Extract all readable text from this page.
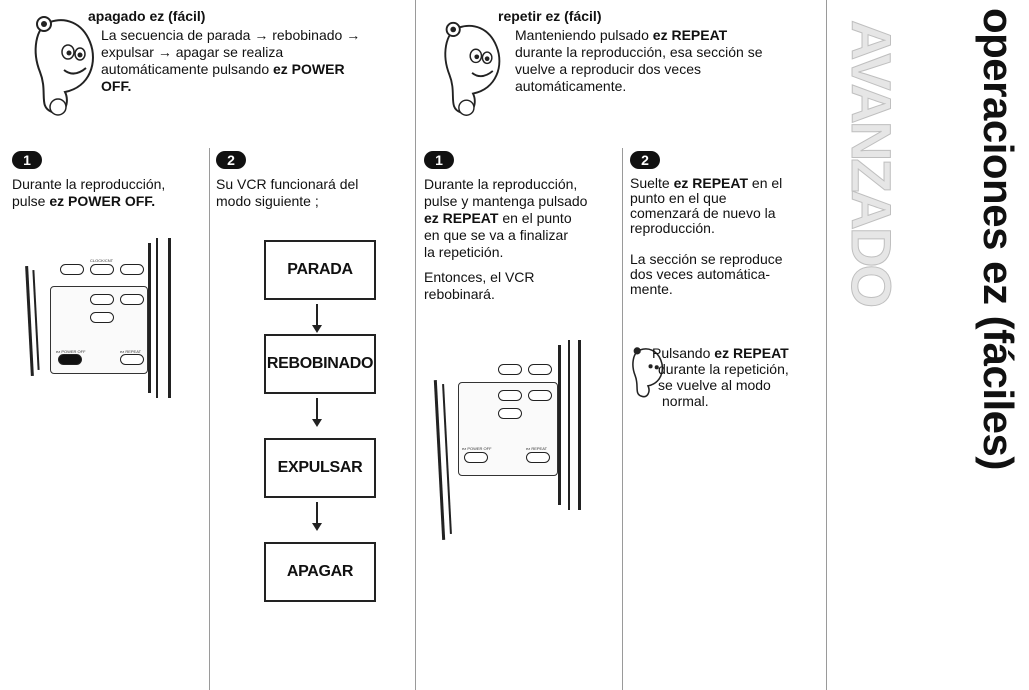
apagado ez (fácil)
La secuencia de parada → rebobinado →
expulsar → apagar se realiza
automáticamente pulsando ez POWER
OFF.
1
Durante la reproducción,
pulse ez POWER OFF.
CLOCK/CNT
ez POWER OFF	ez REPEAT
2
Su VCR funcionará del
modo siguiente ;
PARADA
REBOBINADO
EXPULSAR
APAGAR
repetir ez (fácil)
Manteniendo pulsado ez REPEAT
durante la reproducción, esa sección se
vuelve a reproducir dos veces
automáticamente.
1
Durante la reproducción,
pulse y mantenga pulsado
ez REPEAT en el punto
en que se va a finalizar
la repetición.
Entonces, el VCR
rebobinará.
ez POWER OFF	ez REPEAT
2
Suelte ez REPEAT en el
punto en el que
comenzará de nuevo la
reproducción.
La sección se reproduce
dos veces automática-
mente.
Pulsando ez REPEAT
durante la repetición,
se vuelve al modo
normal.
AVANZADO operaciones ez (fáciles)
